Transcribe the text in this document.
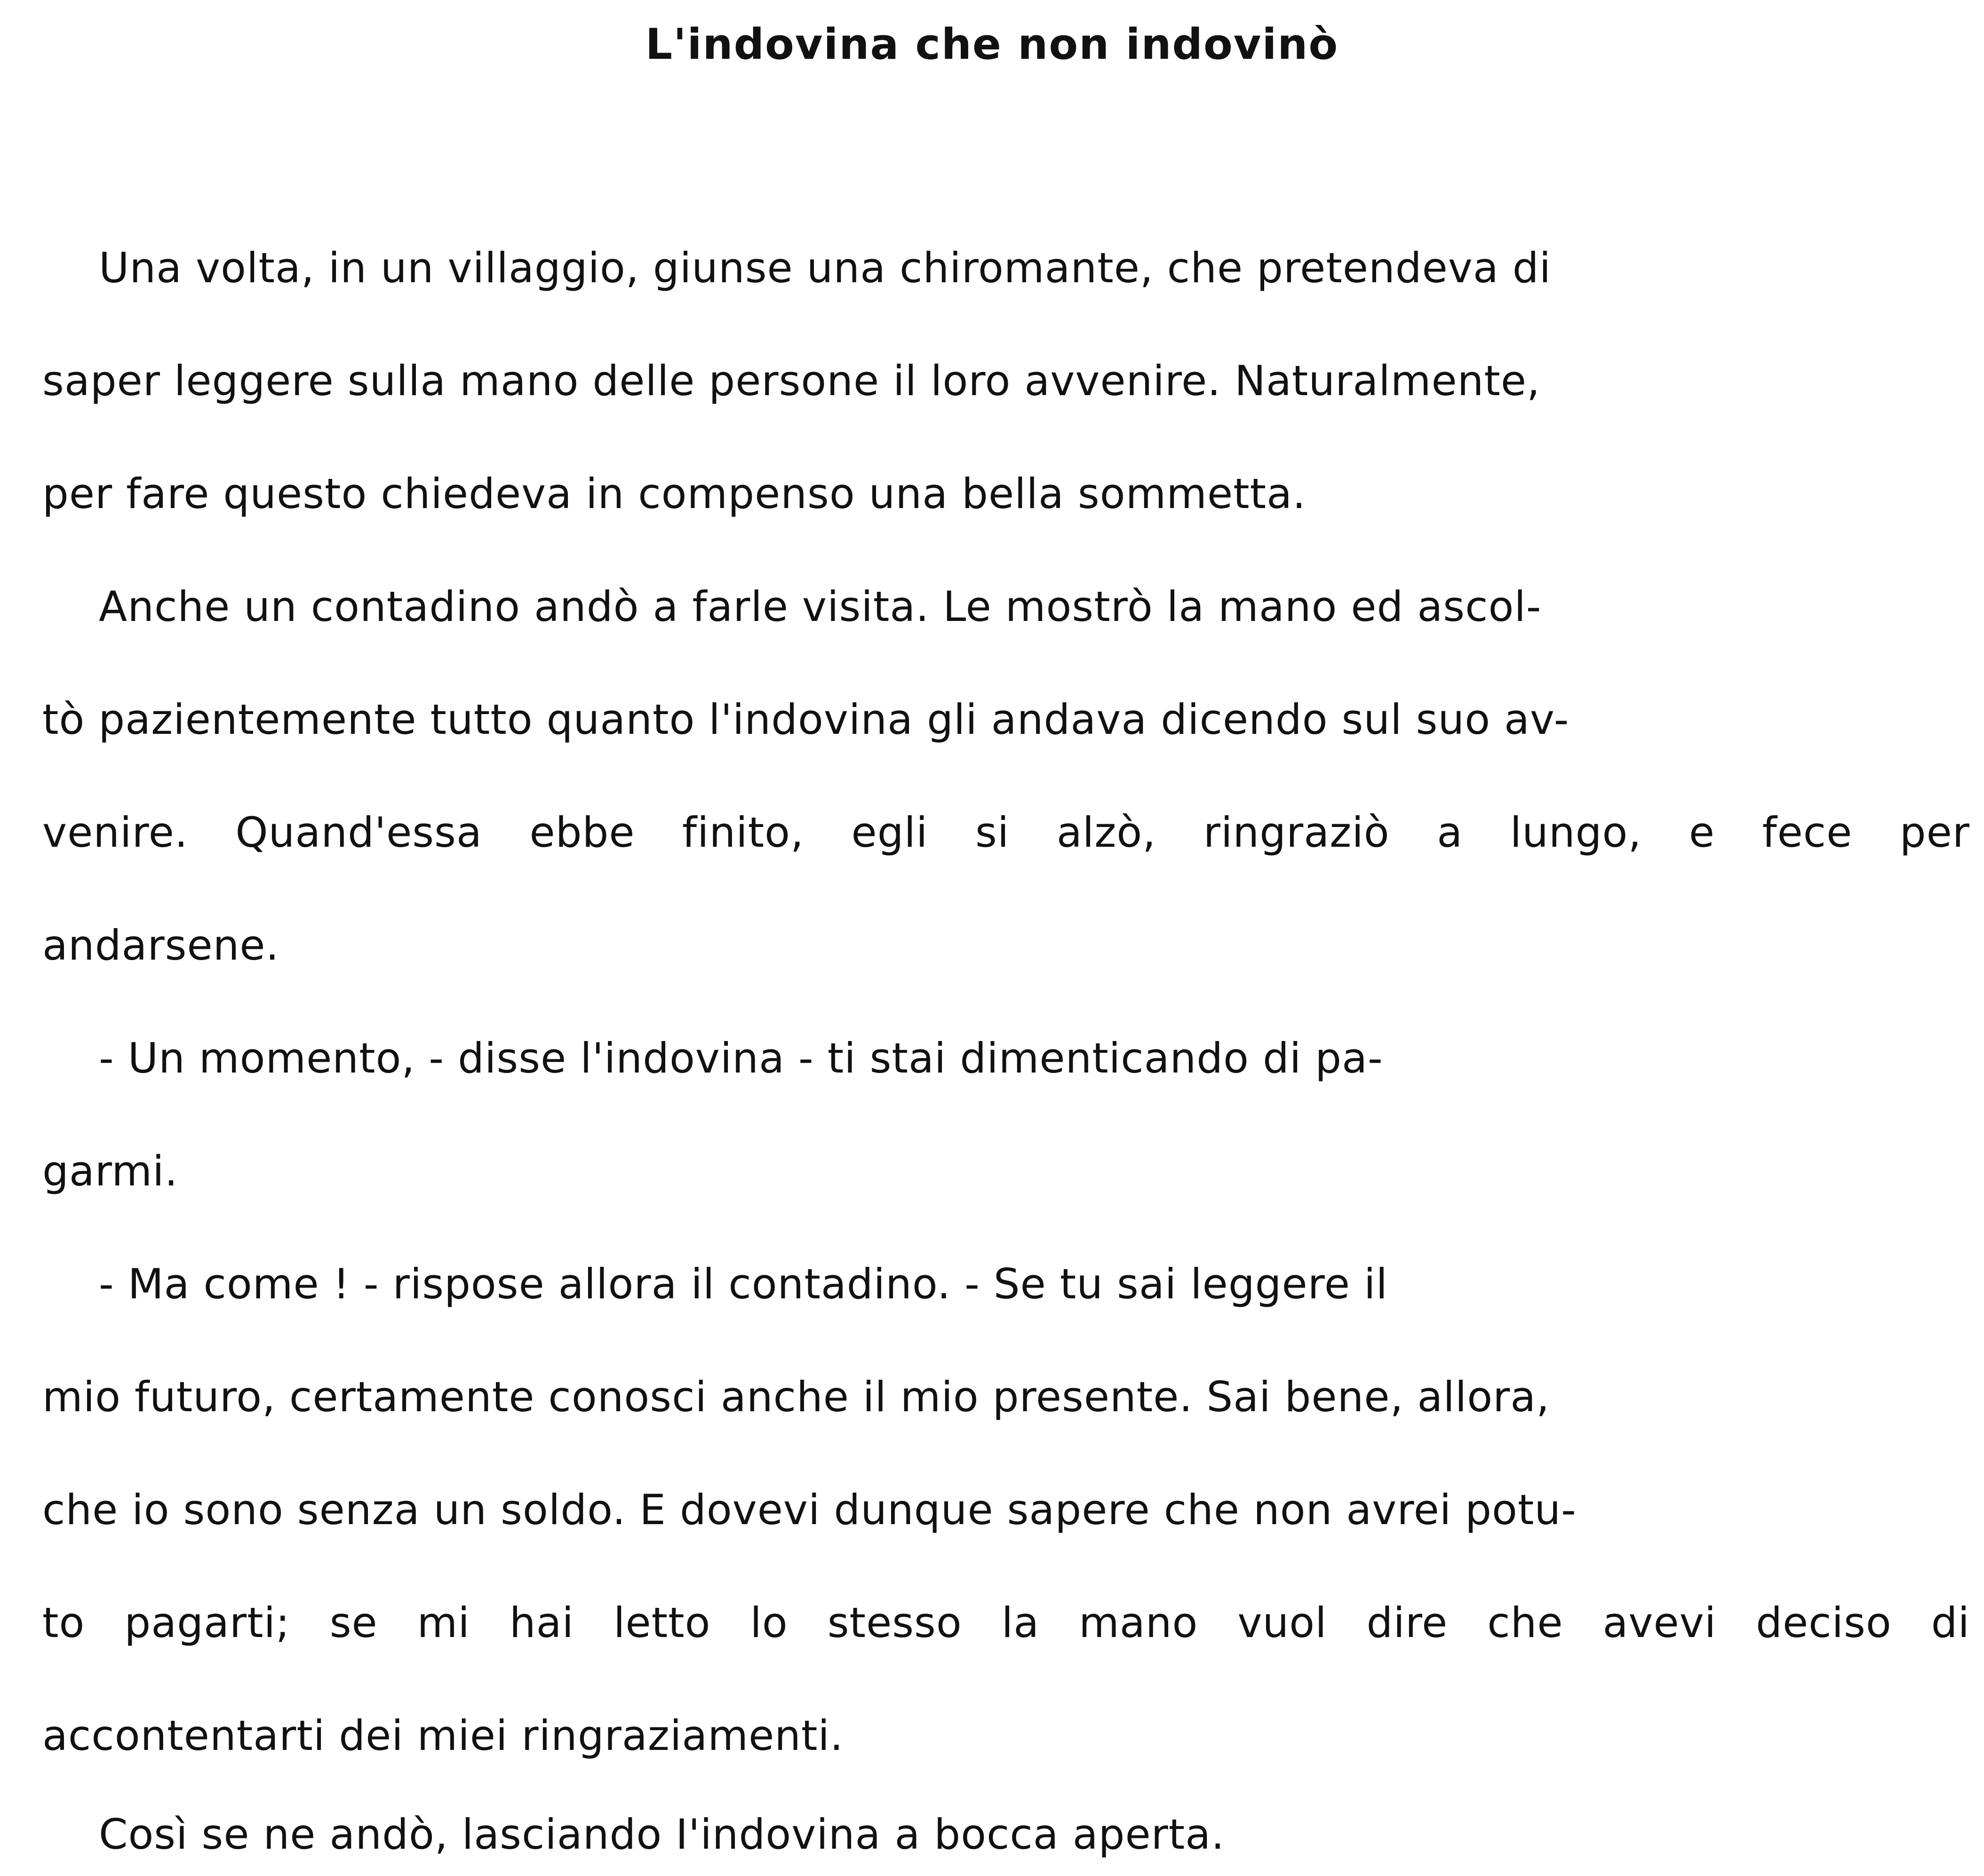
L'indovina che non indovinò
Una volta, in un villaggio, giunse una chiromante, che pretendeva di
saper leggere sulla mano delle persone il loro avvenire. Naturalmente,
per fare questo chiedeva in compenso una bella sommetta.
Anche un contadino andò a farle visita. Le mostrò la mano ed ascol-
tò pazientemente tutto quanto l'indovina gli andava dicendo sul suo av-
venire. Quand'essa ebbe finito, egli si alzò, ringraziò a lungo, e fece per
andarsene.
- Un momento, - disse l'indovina - ti stai dimenticando di pa-
garmi.
- Ma come ! - rispose allora il contadino. - Se tu sai leggere il
mio futuro, certamente conosci anche il mio presente. Sai bene, allora,
che io sono senza un soldo. E dovevi dunque sapere che non avrei potu-
to pagarti; se mi hai letto lo stesso la mano vuol dire che avevi deciso di
accontentarti dei miei ringraziamenti.
Così se ne andò, lasciando I'indovina a bocca aperta.
